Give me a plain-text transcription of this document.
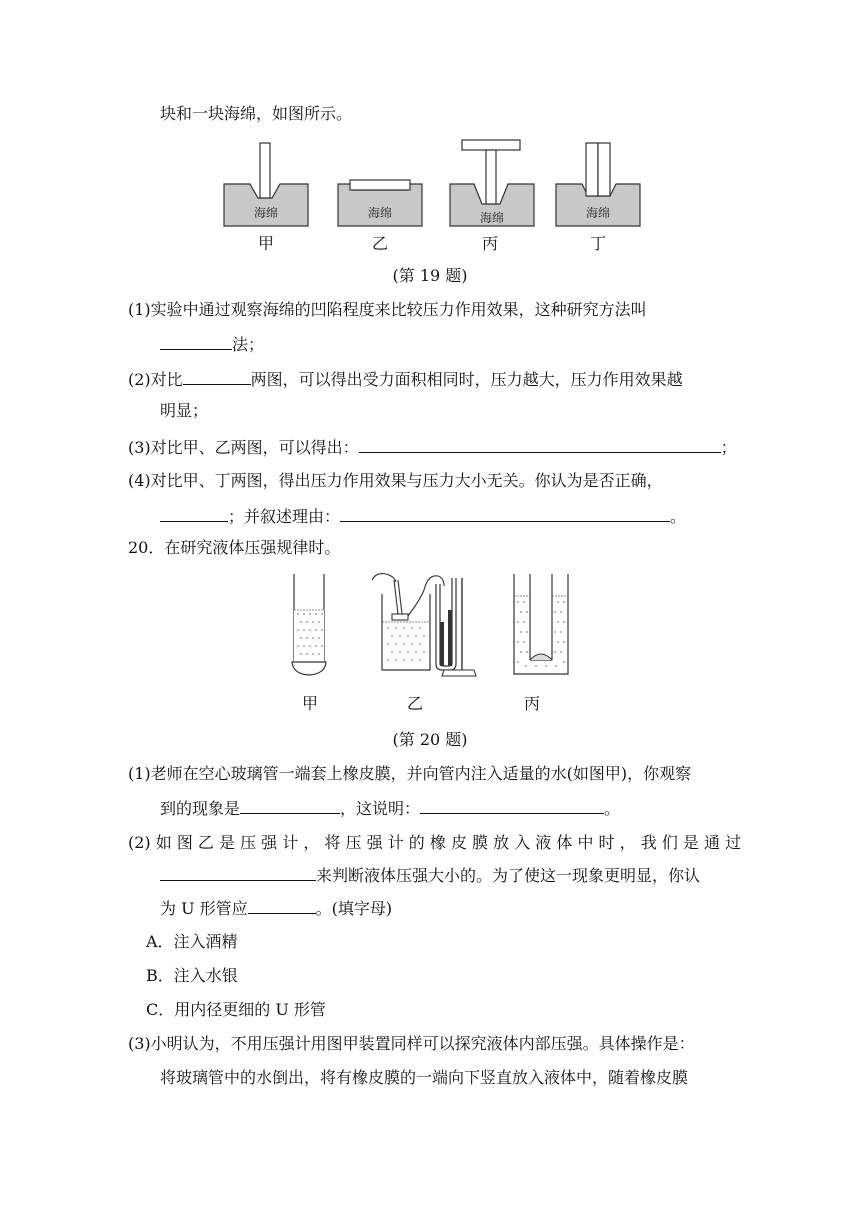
块和一块海绵，如图所示。
海绵	海绵	海绵	海绵
甲	乙	丙	丁
(第 19 题)
(1)实验中通过观察海绵的凹陷程度来比较压力作用效果，这种研究方法叫
法；
(2)对比	两图，可以得出受力面积相同时，压力越大，压力作用效果越
明显；
(3)对比甲、乙两图，可以得出：	；
(4)对比甲、丁两图，得出压力作用效果与压力大小无关。你认为是否正确，
；并叙述理由：	。
20．在研究液体压强规律时。
甲	乙	丙
(第 20 题)
(1)老师在空心玻璃管一端套上橡皮膜，并向管内注入适量的水(如图甲)，你观察
到的现象是	，这说明：	。
(2) 如 图 乙 是 压 强 计 ， 将 压 强 计 的 橡 皮 膜 放 入 液 体 中 时 ， 我 们 是 通 过
来判断液体压强大小的。为了使这一现象更明显，你认
为 U 形管应	。(填字母)
A．注入酒精
B．注入水银
C．用内径更细的 U 形管
(3)小明认为，不用压强计用图甲装置同样可以探究液体内部压强。具体操作是：
将玻璃管中的水倒出，将有橡皮膜的一端向下竖直放入液体中，随着橡皮膜
